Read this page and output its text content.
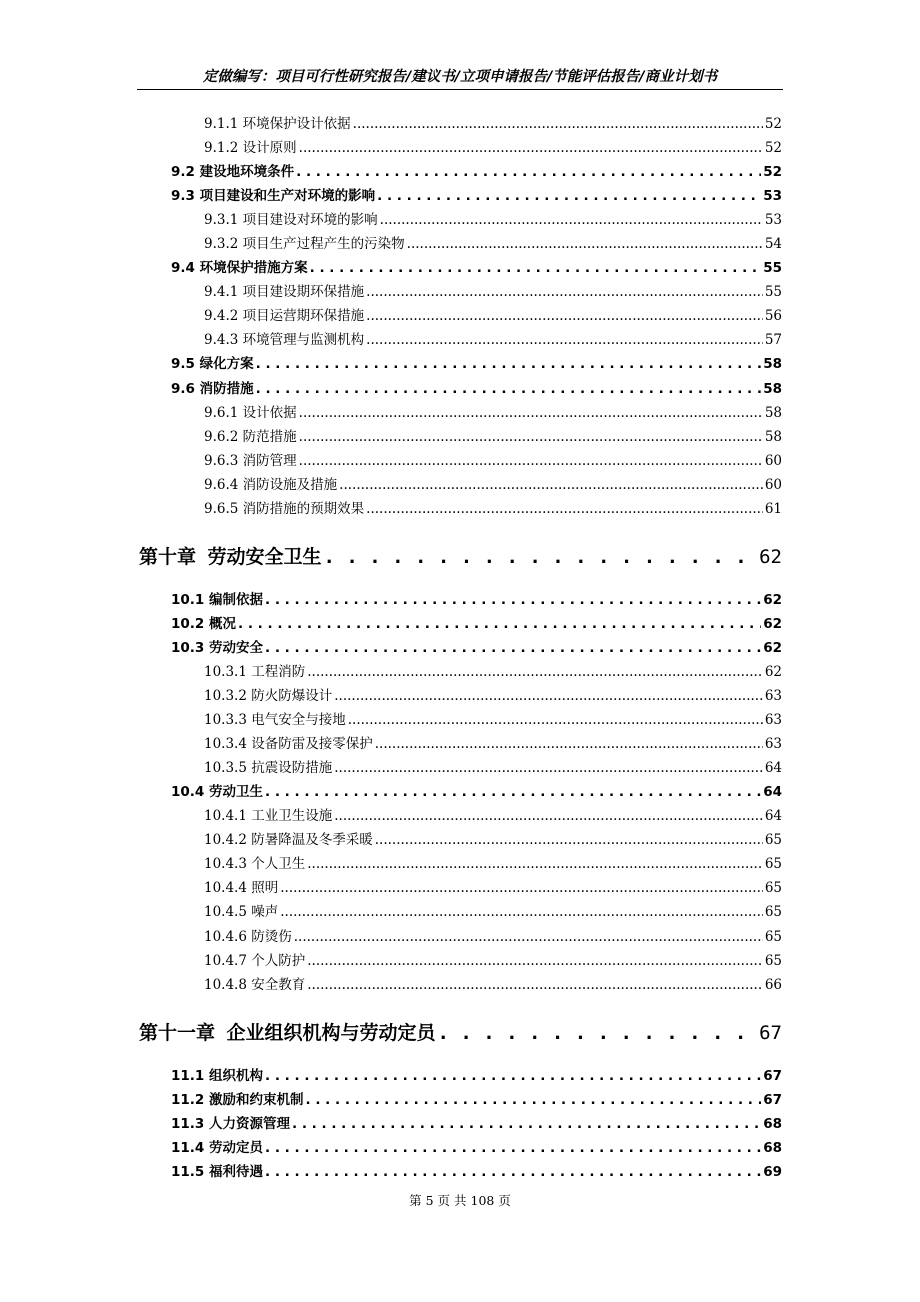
定做编写：项目可行性研究报告/建议书/立项申请报告/节能评估报告/商业计划书
9.1.1 环境保护设计依据 .....	52
9.1.2 设计原则 .....	52
9.2 建设地环境条件 . . .	52
9.3 项目建设和生产对环境的影响 . . .	53
9.3.1 项目建设对环境的影响 .....	53
9.3.2 项目生产过程产生的污染物 .....	54
9.4 环境保护措施方案 . . .	55
9.4.1 项目建设期环保措施 .....	55
9.4.2 项目运营期环保措施 .....	56
9.4.3 环境管理与监测机构 .....	57
9.5 绿化方案 . . .	58
9.6 消防措施 . . .	58
9.6.1 设计依据 .....	58
9.6.2 防范措施 .....	58
9.6.3 消防管理 .....	60
9.6.4 消防设施及措施 .....	60
9.6.5 消防措施的预期效果 .....	61
第十章 劳动安全卫生 . . .	62
10.1 编制依据 . . .	62
10.2 概况 . . .	62
10.3 劳动安全 . . .	62
10.3.1 工程消防 .....	62
10.3.2 防火防爆设计 .....	63
10.3.3 电气安全与接地 .....	63
10.3.4 设备防雷及接零保护 .....	63
10.3.5 抗震设防措施 .....	64
10.4 劳动卫生 . . .	64
10.4.1 工业卫生设施 .....	64
10.4.2 防暑降温及冬季采暖 .....	65
10.4.3 个人卫生 .....	65
10.4.4 照明 .....	65
10.4.5 噪声 .....	65
10.4.6 防烫伤 .....	65
10.4.7 个人防护 .....	65
10.4.8 安全教育 .....	66
第十一章 企业组织机构与劳动定员 . . .	67
11.1 组织机构 . . .	67
11.2 激励和约束机制 . . .	67
11.3 人力资源管理 . . .	68
11.4 劳动定员 . . .	68
11.5 福利待遇 . . .	69
第 5 页 共 108 页
